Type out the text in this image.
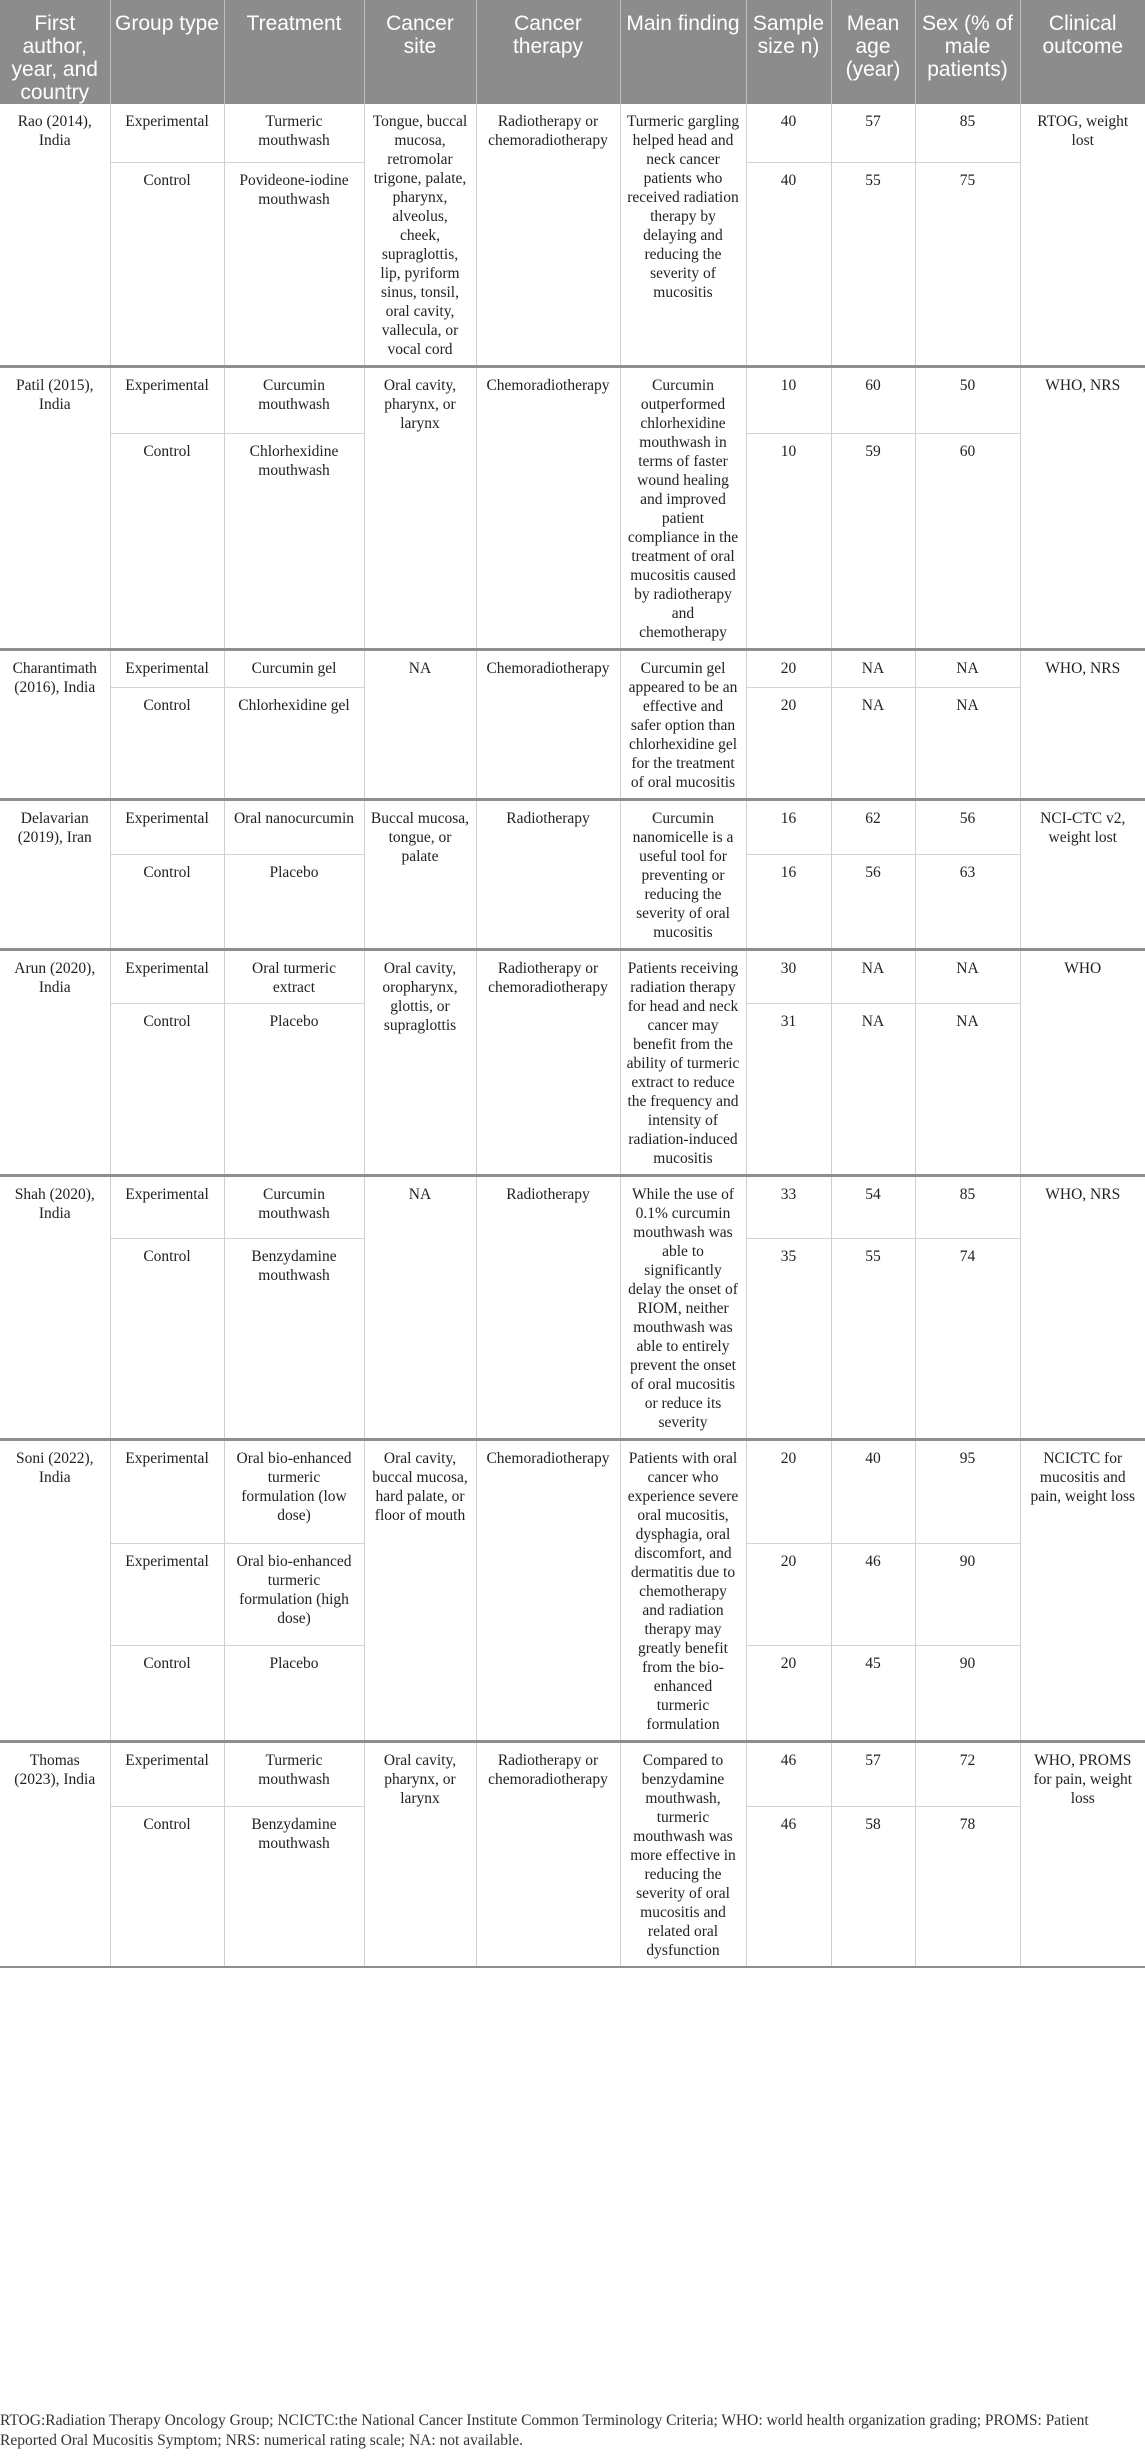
First author, year, and country	Group type	Treatment	Cancer site	Cancer therapy	Main finding	Sample size n)	Mean age (year)	Sex (% of male patients)	Clinical outcome
Rao (2014), India	Experimental	Turmeric mouthwash	Tongue, buccal mucosa, retromolar trigone, palate, pharynx, alveolus, cheek, supraglottis, lip, pyriform sinus, tonsil, oral cavity, vallecula, or vocal cord	Radiotherapy or chemoradiotherapy	Turmeric gargling helped head and neck cancer patients who received radiation therapy by delaying and reducing the severity of mucositis	40	57	85	RTOG, weight lost
	Control	Povideone-iodine mouthwash				40	55	75	
Patil (2015), India	Experimental	Curcumin mouthwash	Oral cavity, pharynx, or larynx	Chemoradiotherapy	Curcumin outperformed chlorhexidine mouthwash in terms of faster wound healing and improved patient compliance in the treatment of oral mucositis caused by radiotherapy and chemotherapy	10	60	50	WHO, NRS
	Control	Chlorhexidine mouthwash				10	59	60	
Charantimath (2016), India	Experimental	Curcumin gel	NA	Chemoradiotherapy	Curcumin gel appeared to be an effective and safer option than chlorhexidine gel for the treatment of oral mucositis	20	NA	NA	WHO, NRS
	Control	Chlorhexidine gel				20	NA	NA	
Delavarian (2019), Iran	Experimental	Oral nanocurcumin	Buccal mucosa, tongue, or palate	Radiotherapy	Curcumin nanomicelle is a useful tool for preventing or reducing the severity of oral mucositis	16	62	56	NCI-CTC v2, weight lost
	Control	Placebo				16	56	63	
Arun (2020), India	Experimental	Oral turmeric extract	Oral cavity, oropharynx, glottis, or supraglottis	Radiotherapy or chemoradiotherapy	Patients receiving radiation therapy for head and neck cancer may benefit from the ability of turmeric extract to reduce the frequency and intensity of radiation-induced mucositis	30	NA	NA	WHO
	Control	Placebo				31	NA	NA	
Shah (2020), India	Experimental	Curcumin mouthwash	NA	Radiotherapy	While the use of 0.1% curcumin mouthwash was able to significantly delay the onset of RIOM, neither mouthwash was able to entirely prevent the onset of oral mucositis or reduce its severity	33	54	85	WHO, NRS
	Control	Benzydamine mouthwash				35	55	74	
Soni (2022), India	Experimental	Oral bio-enhanced turmeric formulation (low dose)	Oral cavity, buccal mucosa, hard palate, or floor of mouth	Chemoradiotherapy	Patients with oral cancer who experience severe oral mucositis, dysphagia, oral discomfort, and dermatitis due to chemotherapy and radiation therapy may greatly benefit from the bio-enhanced turmeric formulation	20	40	95	NCICTC for mucositis and pain, weight loss
	Experimental	Oral bio-enhanced turmeric formulation (high dose)				20	46	90	
	Control	Placebo				20	45	90	
Thomas (2023), India	Experimental	Turmeric mouthwash	Oral cavity, pharynx, or larynx	Radiotherapy or chemoradiotherapy	Compared to benzydamine mouthwash, turmeric mouthwash was more effective in reducing the severity of oral mucositis and related oral dysfunction	46	57	72	WHO, PROMS for pain, weight loss
	Control	Benzydamine mouthwash				46	58	78	
RTOG:Radiation Therapy Oncology Group; NCICTC:the National Cancer Institute Common Terminology Criteria; WHO: world health organization grading; PROMS: Patient Reported Oral Mucositis Symptom; NRS: numerical rating scale; NA: not available.
